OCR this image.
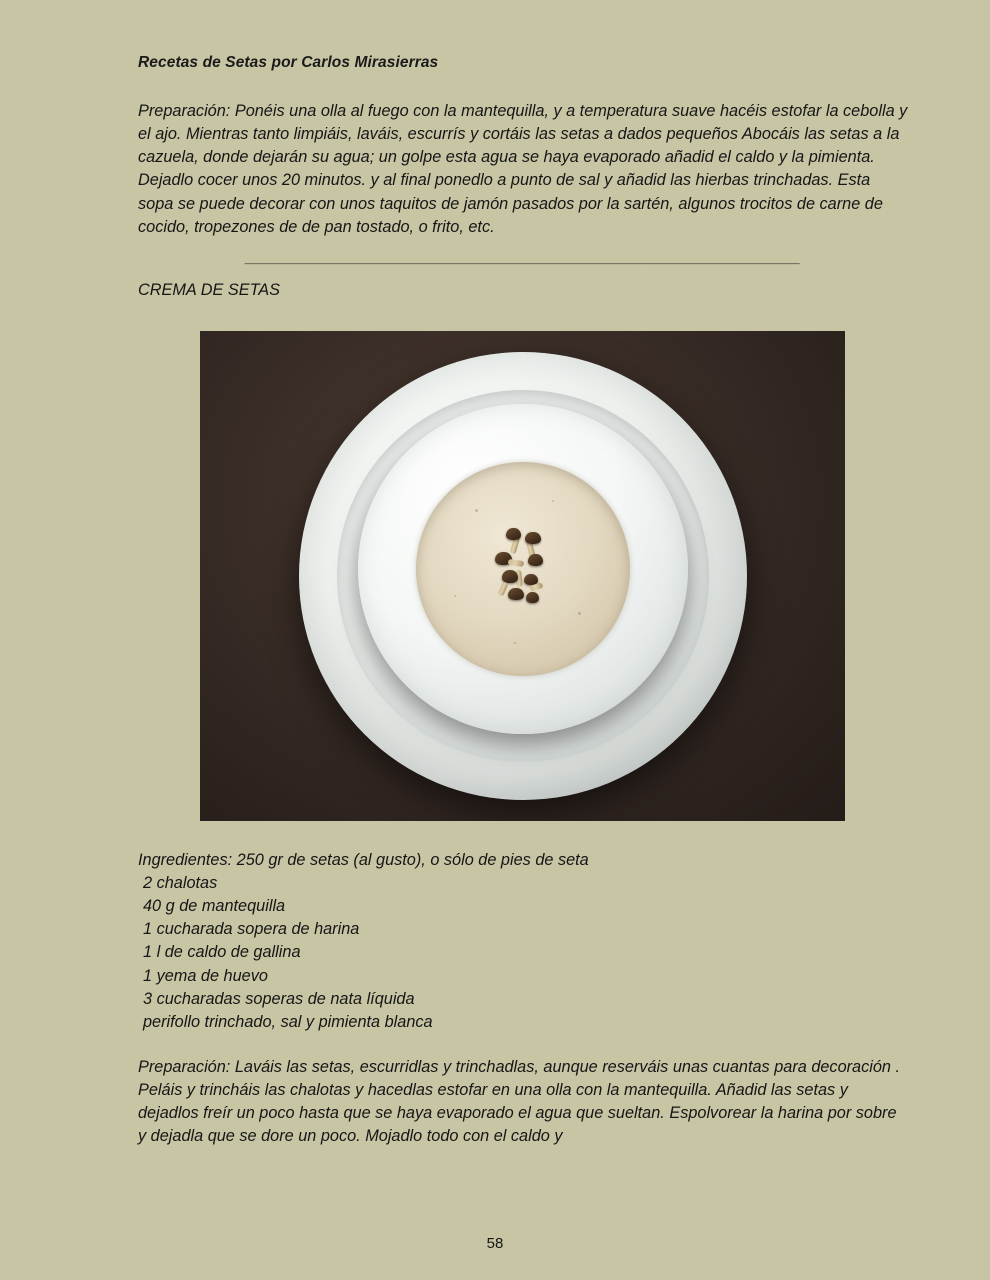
Recetas de Setas por Carlos Mirasierras

Preparación: Ponéis una olla al fuego con la mantequilla, y a temperatura suave hacéis estofar la cebolla y el ajo. Mientras tanto limpiáis, laváis, escurrís y cortáis las setas a dados pequeños Abocáis las setas a la cazuela, donde dejarán su agua; un golpe esta agua se haya evaporado añadid el caldo y la pimienta. Dejadlo cocer unos 20 minutos. y al final ponedlo a punto de sal y añadid las hierbas trinchadas. Esta sopa se puede decorar con unos taquitos de jamón pasados por la sartén, algunos trocitos de carne de cocido, tropezones de de pan tostado, o frito, etc.

__________________________________________________________________
CREMA DE SETAS

Ingredientes: 250 gr de setas (al gusto), o sólo de pies de seta

2 chalotas

40 g de mantequilla

1 cucharada sopera de harina

1 l de caldo de gallina

1 yema de huevo

3 cucharadas soperas de nata líquida

perifollo trinchado, sal y pimienta blanca

Preparación: Laváis las setas, escurridlas y trinchadlas, aunque reserváis unas cuantas para decoración . Peláis y trincháis las chalotas y hacedlas estofar en una olla con la mantequilla. Añadid las setas y dejadlos freír un poco hasta que se haya evaporado el agua que sueltan. Espolvorear la harina por sobre y dejadla que se dore un poco. Mojadlo todo con el caldo y

58
